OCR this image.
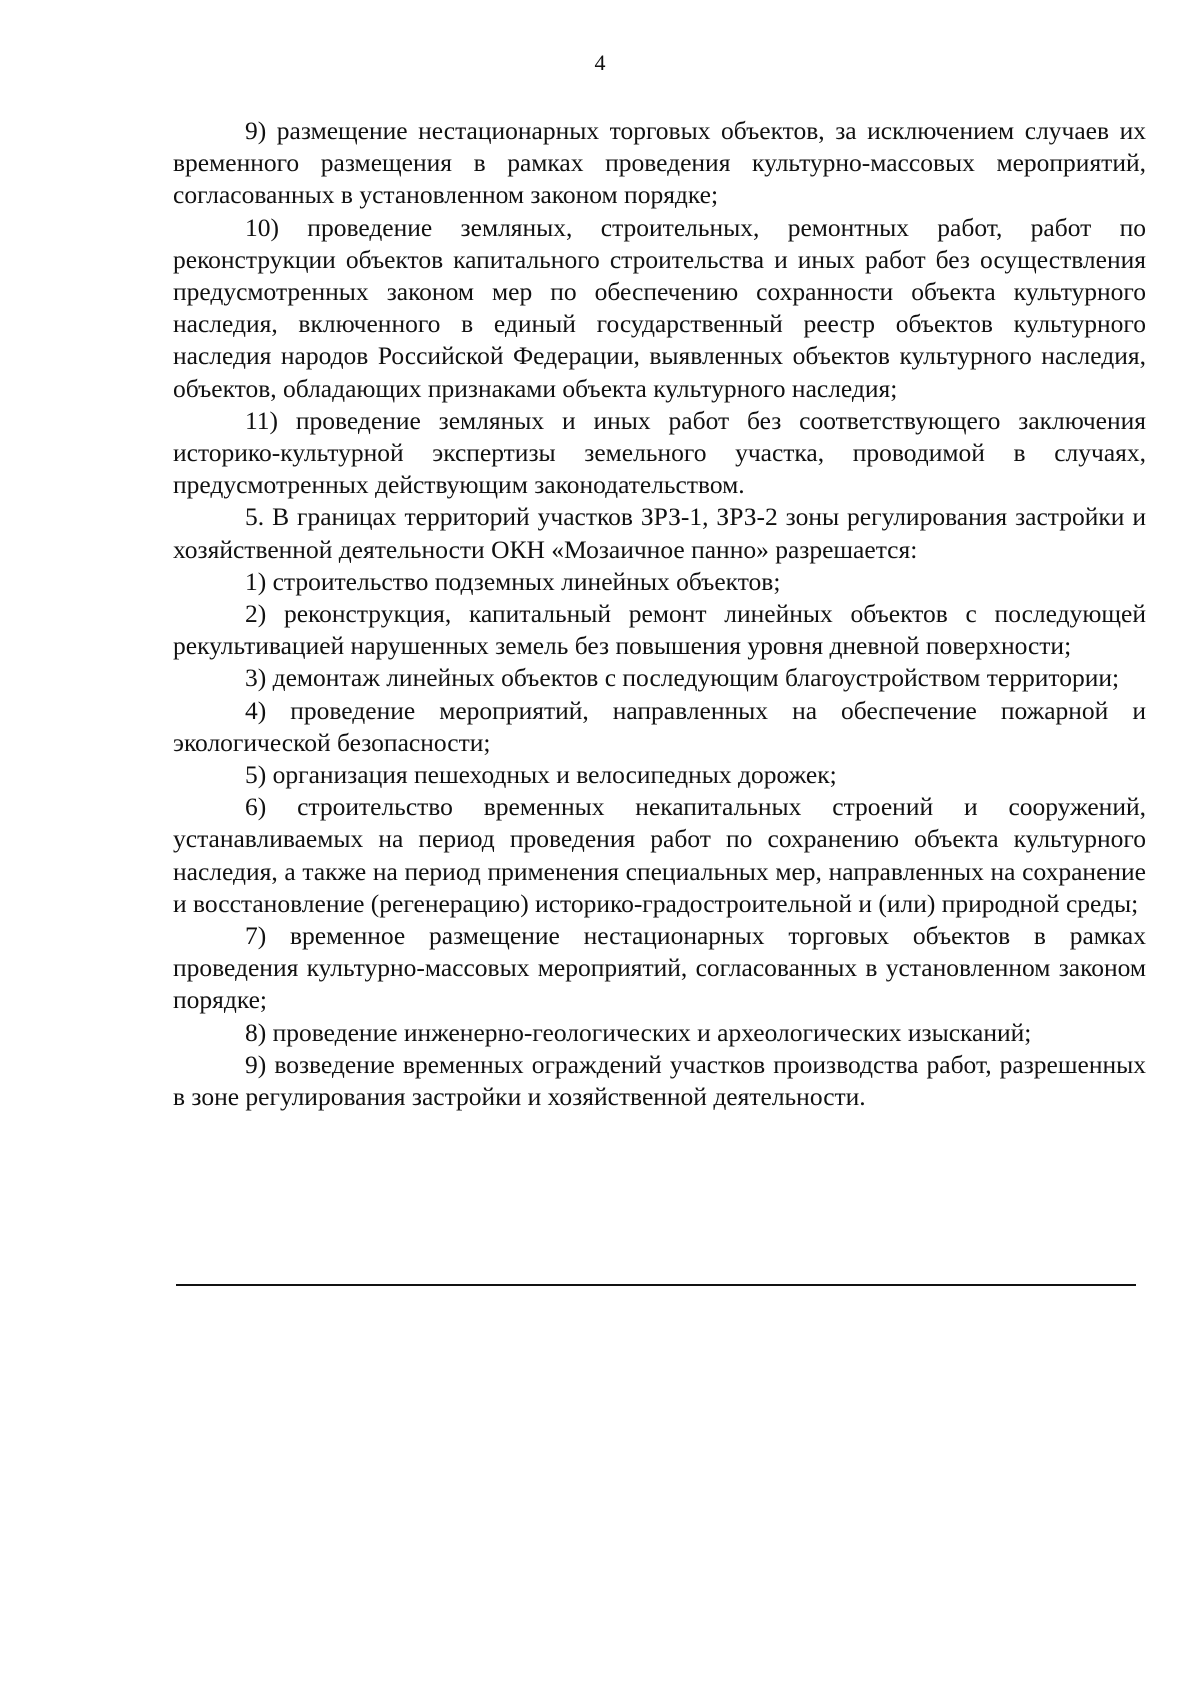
4

9) размещение нестационарных торговых объектов, за исключением случаев их временного размещения в рамках проведения культурно-массовых мероприятий, согласованных в установленном законом порядке;

10) проведение земляных, строительных, ремонтных работ, работ по реконструкции объектов капитального строительства и иных работ без осуществления предусмотренных законом мер по обеспечению сохранности объекта культурного наследия, включенного в единый государственный реестр объектов культурного наследия народов Российской Федерации, выявленных объектов культурного наследия, объектов, обладающих признаками объекта культурного наследия;

11) проведение земляных и иных работ без соответствующего заключения историко-культурной экспертизы земельного участка, проводимой в случаях, предусмотренных действующим законодательством.

5. В границах территорий участков ЗРЗ-1, ЗРЗ-2 зоны регулирования застройки и хозяйственной деятельности ОКН «Мозаичное панно» разрешается:

1) строительство подземных линейных объектов;

2) реконструкция, капитальный ремонт линейных объектов с последующей рекультивацией нарушенных земель без повышения уровня дневной поверхности;

3) демонтаж линейных объектов с последующим благоустройством территории;

4) проведение мероприятий, направленных на обеспечение пожарной и экологической безопасности;

5) организация пешеходных и велосипедных дорожек;

6) строительство временных некапитальных строений и сооружений, устанавливаемых на период проведения работ по сохранению объекта культурного наследия, а также на период применения специальных мер, направленных на сохранение и восстановление (регенерацию) историко-градостроительной и (или) природной среды;

7) временное размещение нестационарных торговых объектов в рамках проведения культурно-массовых мероприятий, согласованных в установленном законом порядке;

8) проведение инженерно-геологических и археологических изысканий;

9) возведение временных ограждений участков производства работ, разрешенных в зоне регулирования застройки и хозяйственной деятельности.
